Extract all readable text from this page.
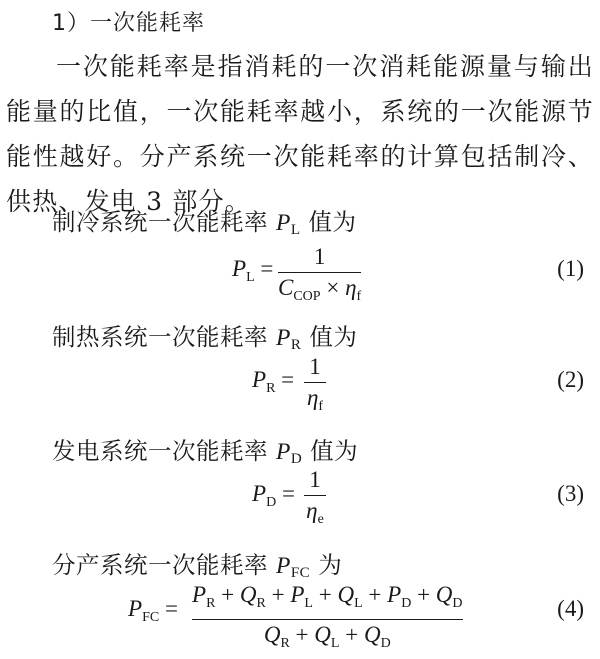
1）一次能耗率
一次能耗率是指消耗的一次消耗能源量与输出能量的比值，一次能耗率越小，系统的一次能源节能性越好。分产系统一次能耗率的计算包括制冷、供热、发电 3 部分。
制冷系统一次能耗率 $P_L$ 值为
$P_L = 1$
$C_{COP} \times \eta_f$
(1)
制热系统一次能耗率 $P_R$ 值为
$P_R$ =
1
$\eta_f$
(2)
发电系统一次能耗率 $P_D$ 值为
$P_D$ =
1
$\eta_e$
(3)
分产系统一次能耗率 $P_{FC}$ 为
$P_{FC}$ =
$P_R + Q_R + P_L + Q_L + P_D + Q_D$
$Q_R + Q_L + Q_D$
(4)
